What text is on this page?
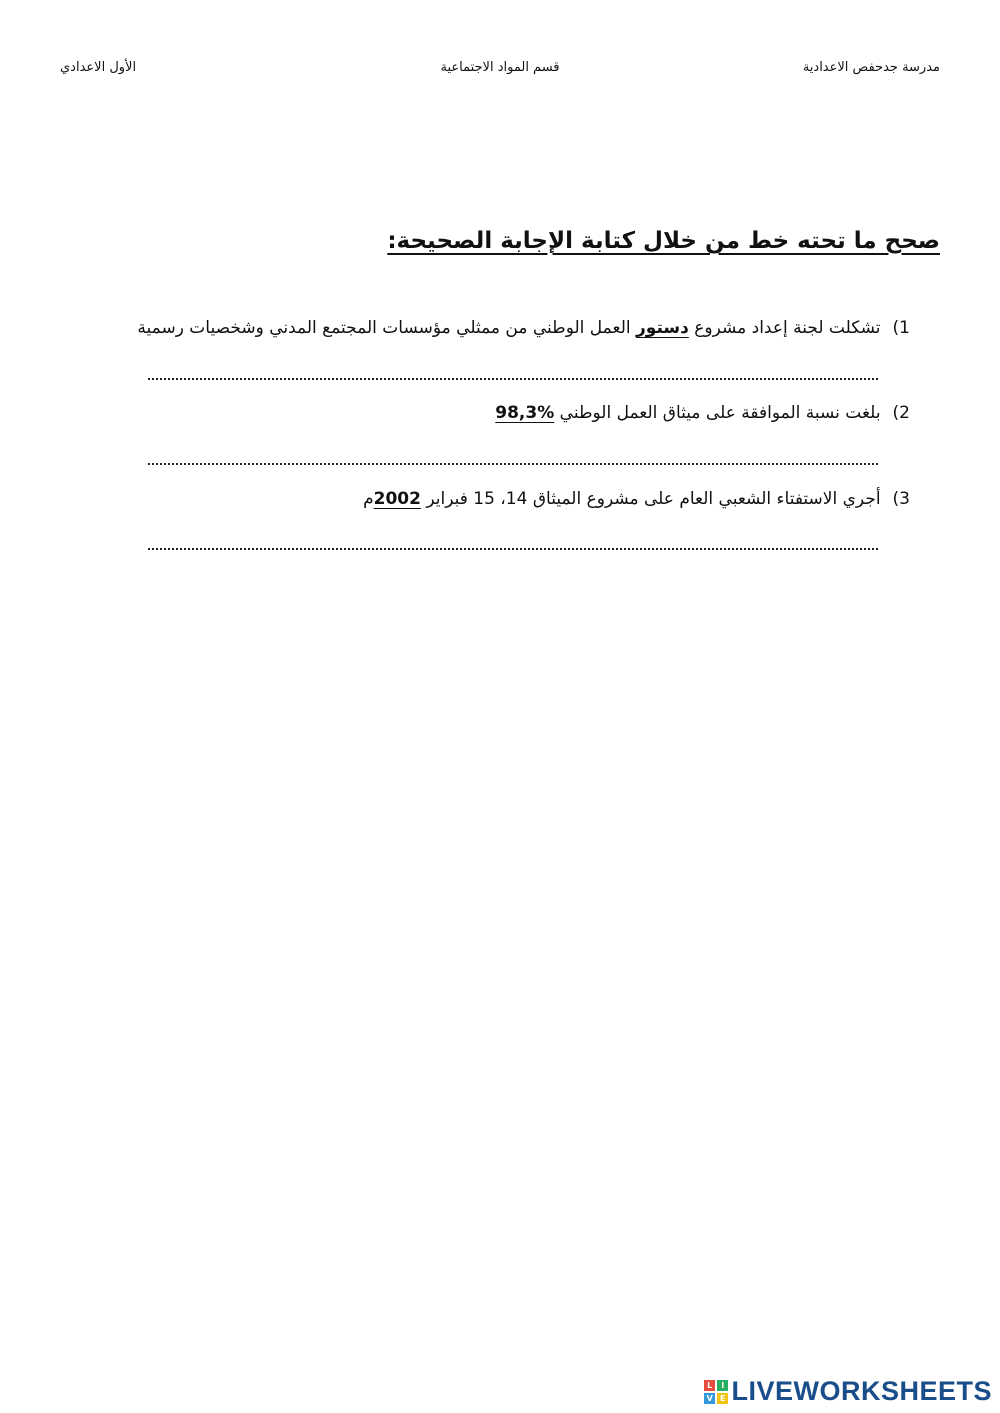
مدرسة جدحفص الاعدادية
قسم المواد الاجتماعية
الأول الاعدادي
صحح ما تحته خط من خلال كتابة الإجابة الصحيحة:
(1
تشكلت لجنة إعداد مشروع دستور العمل الوطني من ممثلي مؤسسات المجتمع المدني وشخصيات رسمية
(2
بلغت نسبة الموافقة على ميثاق العمل الوطني 98,3%
(3
أجري الاستفتاء الشعبي العام على مشروع الميثاق 14، 15 فبراير 2002م
L	I
V E LIVEWORKSHEETS
